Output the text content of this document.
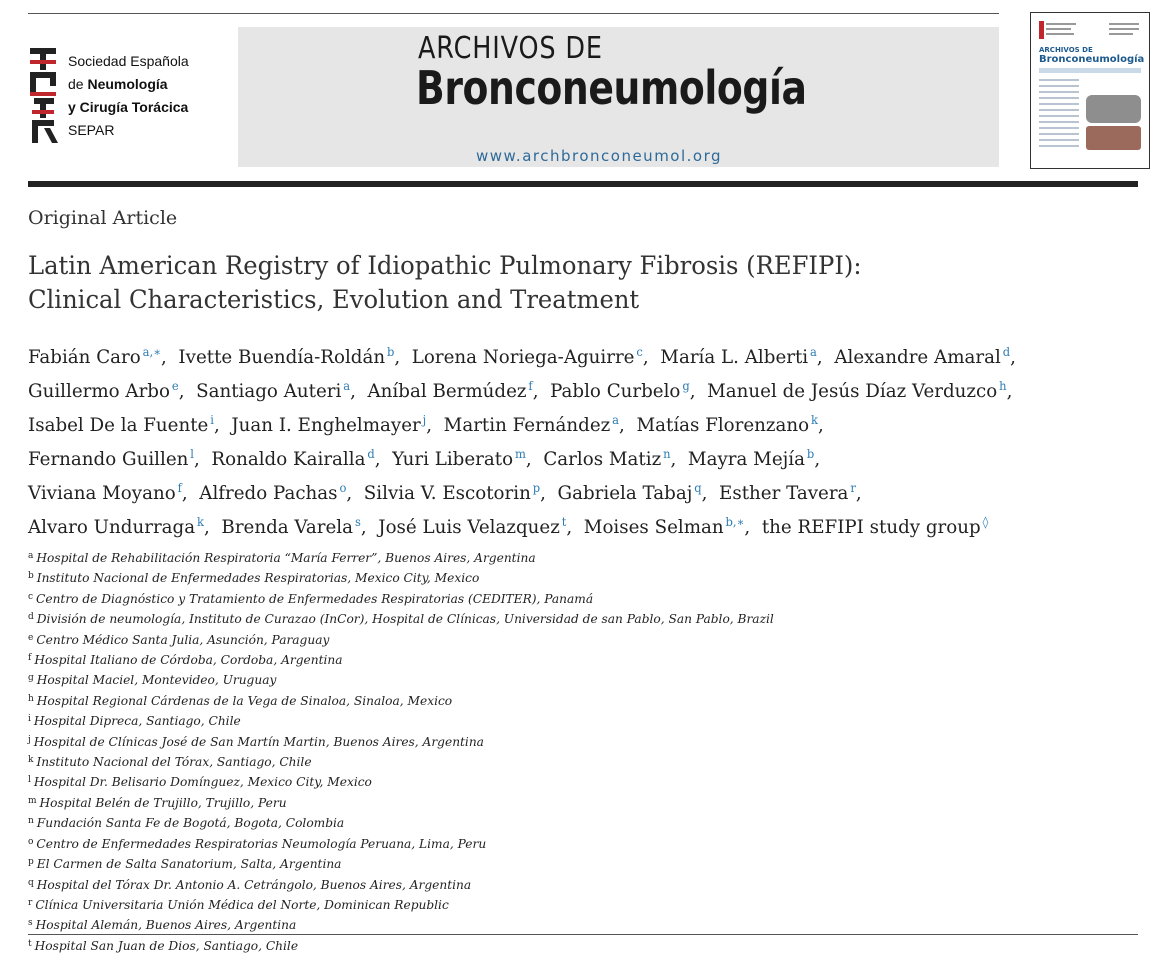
Sociedad Española
de Neumología
y Cirugía Torácica
SEPAR
ARCHIVOS DE
Bronconeumología
www.archbronconeumol.org
ARCHIVOS DE
Bronconeumología
Original Article
Latin American Registry of Idiopathic Pulmonary Fibrosis (REFIPI):
Clinical Characteristics, Evolution and Treatment
Fabián Caro $^{a,∗}$,  Ivette Buendía-Roldán $^b$,  Lorena Noriega-Aguirre $^c$,  María L. Alberti $^a$,  Alexandre Amaral $^d$,
Guillermo Arbo $^e$,  Santiago Auteri $^a$,  Aníbal Bermúdez $^f$,  Pablo Curbelo $^g$,  Manuel de Jesús Díaz Verduzco $^h$,
Isabel De la Fuente $^i$,  Juan I. Enghelmayer $^j$,  Martin Fernández $^a$,  Matías Florenzano $^k$,
Fernando Guillen $^l$,  Ronaldo Kairalla $^d$,  Yuri Liberato $^m$,  Carlos Matiz $^n$,  Mayra Mejía $^b$,
Viviana Moyano $^f$,  Alfredo Pachas $^o$,  Silvia V. Escotorin $^p$,  Gabriela Tabaj $^q$,  Esther Tavera $^r$,
Alvaro Undurraga $^k$,  Brenda Varela $^s$,  José Luis Velazquez $^t$,  Moises Selman $^{b,∗}$,  the REFIPI study group ◊
$^a$ Hospital de Rehabilitación Respiratoria “María Ferrer”, Buenos Aires, Argentina
$^b$ Instituto Nacional de Enfermedades Respiratorias, Mexico City, Mexico
$^c$ Centro de Diagnóstico y Tratamiento de Enfermedades Respiratorias (CEDITER), Panamá
$^d$ División de neumología, Instituto de Curazao (InCor), Hospital de Clínicas, Universidad de san Pablo, San Pablo, Brazil
$^e$ Centro Médico Santa Julia, Asunción, Paraguay
$^f$ Hospital Italiano de Córdoba, Cordoba, Argentina
$^g$ Hospital Maciel, Montevideo, Uruguay
$^h$ Hospital Regional Cárdenas de la Vega de Sinaloa, Sinaloa, Mexico
$^i$ Hospital Dipreca, Santiago, Chile
$^j$ Hospital de Clínicas José de San Martín Martin, Buenos Aires, Argentina
$^k$ Instituto Nacional del Tórax, Santiago, Chile
$^l$ Hospital Dr. Belisario Domínguez, Mexico City, Mexico
$^m$ Hospital Belén de Trujillo, Trujillo, Peru
$^n$ Fundación Santa Fe de Bogotá, Bogota, Colombia
$^o$ Centro de Enfermedades Respiratorias Neumología Peruana, Lima, Peru
$^p$ El Carmen de Salta Sanatorium, Salta, Argentina
$^q$ Hospital del Tórax Dr. Antonio A. Cetrángolo, Buenos Aires, Argentina
$^r$ Clínica Universitaria Unión Médica del Norte, Dominican Republic
$^s$ Hospital Alemán, Buenos Aires, Argentina
$^t$ Hospital San Juan de Dios, Santiago, Chile
